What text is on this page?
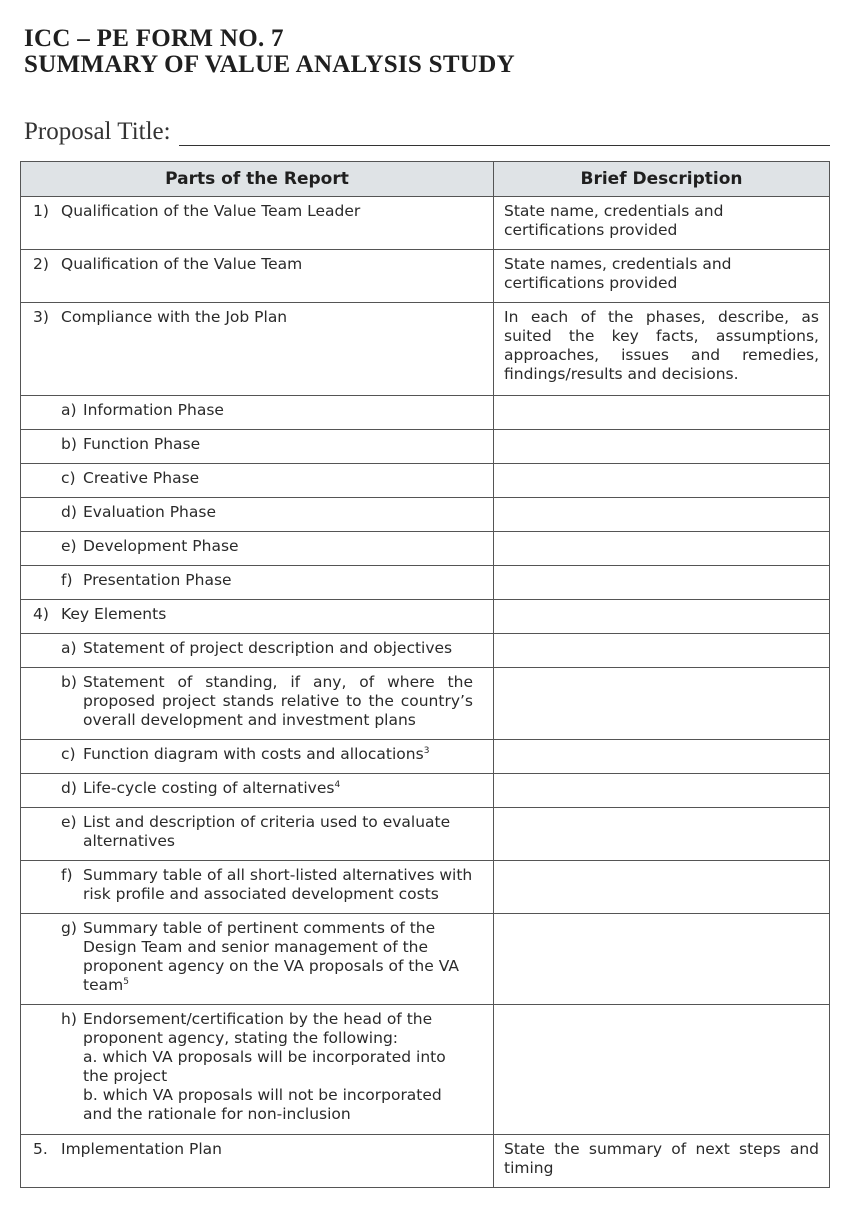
ICC – PE FORM NO. 7
SUMMARY OF VALUE ANALYSIS STUDY
Proposal Title:
Parts of the Report	Brief Description
1) Qualification of the Value Team Leader	State name, credentials and certifications provided
2) Qualification of the Value Team	State names, credentials and certifications provided
3) Compliance with the Job Plan	In each of the phases, describe, as suited the key facts, assumptions, approaches, issues and remedies, findings/results and decisions.
a) Information Phase	
b) Function Phase	
c) Creative Phase	
d) Evaluation Phase	
e) Development Phase	
f) Presentation Phase	
4) Key Elements	
a) Statement of project description and objectives	
b) Statement of standing, if any, of where the proposed project stands relative to the country’s overall development and investment plans	
c) Function diagram with costs and allocations$^3$	
d) Life-cycle costing of alternatives$^4$	
e) List and description of criteria used to evaluate alternatives	
f) Summary table of all short-listed alternatives with risk profile and associated development costs	
g) Summary table of pertinent comments of the Design Team and senior management of the proponent agency on the VA proposals of the VA team$^5$	
h) Endorsement/certification by the head of the proponent agency, stating the following:
a. which VA proposals will be incorporated into the project
b. which VA proposals will not be incorporated and the rationale for non-inclusion	
5. Implementation Plan	State the summary of next steps and timing
